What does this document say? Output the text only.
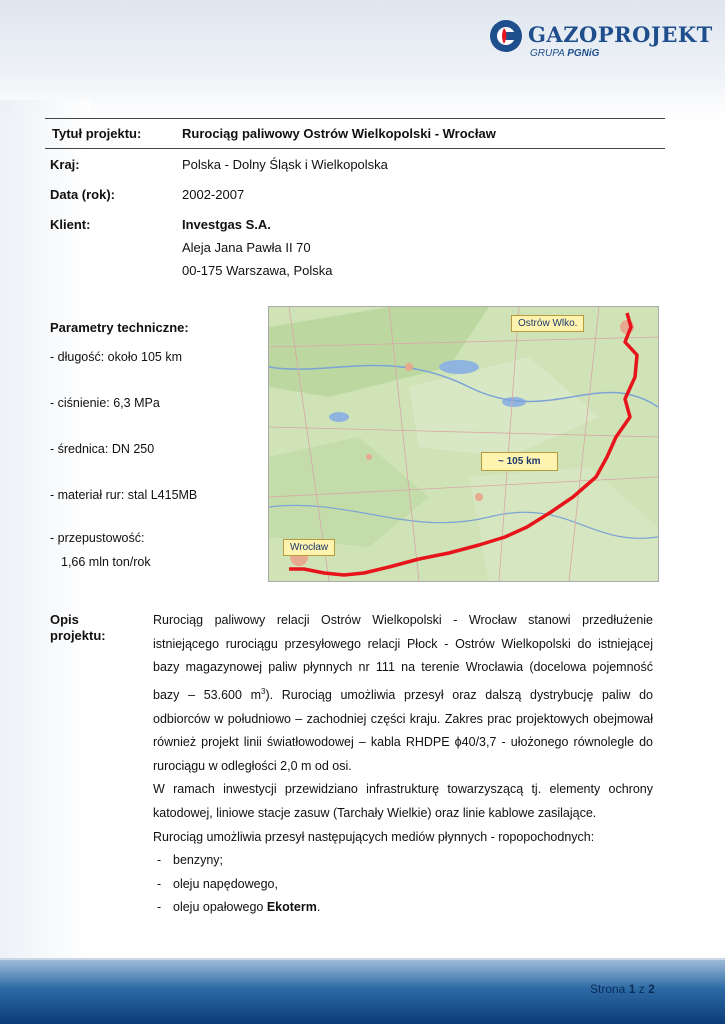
GAZOPROJEKT
GRUPA PGNiG
Tytuł projektu:	Rurociąg paliwowy Ostrów Wielkopolski - Wrocław
Kraj:	Polska - Dolny Śląsk i Wielkopolska
Data (rok):	2002-2007
Klient:	Investgas S.A.
Aleja Jana Pawła II 70
00-175 Warszawa, Polska
Parametry techniczne:
- długość: około 105 km
- ciśnienie: 6,3 MPa
- średnica: DN 250
- materiał rur: stal L415MB
- przepustowość:
1,66 mln ton/rok
Ostrów Wlko.
~ 105 km
Wrocław
Opis
projektu:

Rurociąg paliwowy relacji Ostrów Wielkopolski - Wrocław stanowi przedłużenie istniejącego rurociągu przesyłowego relacji Płock - Ostrów Wielkopolski do istniejącej bazy magazynowej paliw płynnych nr 111 na terenie Wrocławia (docelowa pojemność bazy – 53.600 $m^3$). Rurociąg umożliwia przesył oraz dalszą dystrybucję paliw do odbiorców w południowo – zachodniej części kraju. Zakres prac projektowych obejmował również projekt linii światłowodowej – kabla RHDPE ϕ40/3,7 - ułożonego równolegle do rurociągu w odległości 2,0 m od osi.

W ramach inwestycji przewidziano infrastrukturę towarzyszącą tj. elementy ochrony katodowej, liniowe stacje zasuw (Tarchały Wielkie) oraz linie kablowe zasilające.

Rurociąg umożliwia przesył następujących mediów płynnych - ropopochodnych:

- benzyny;
- oleju napędowego,
- oleju opałowego Ekoterm.
Strona 1 z 2
